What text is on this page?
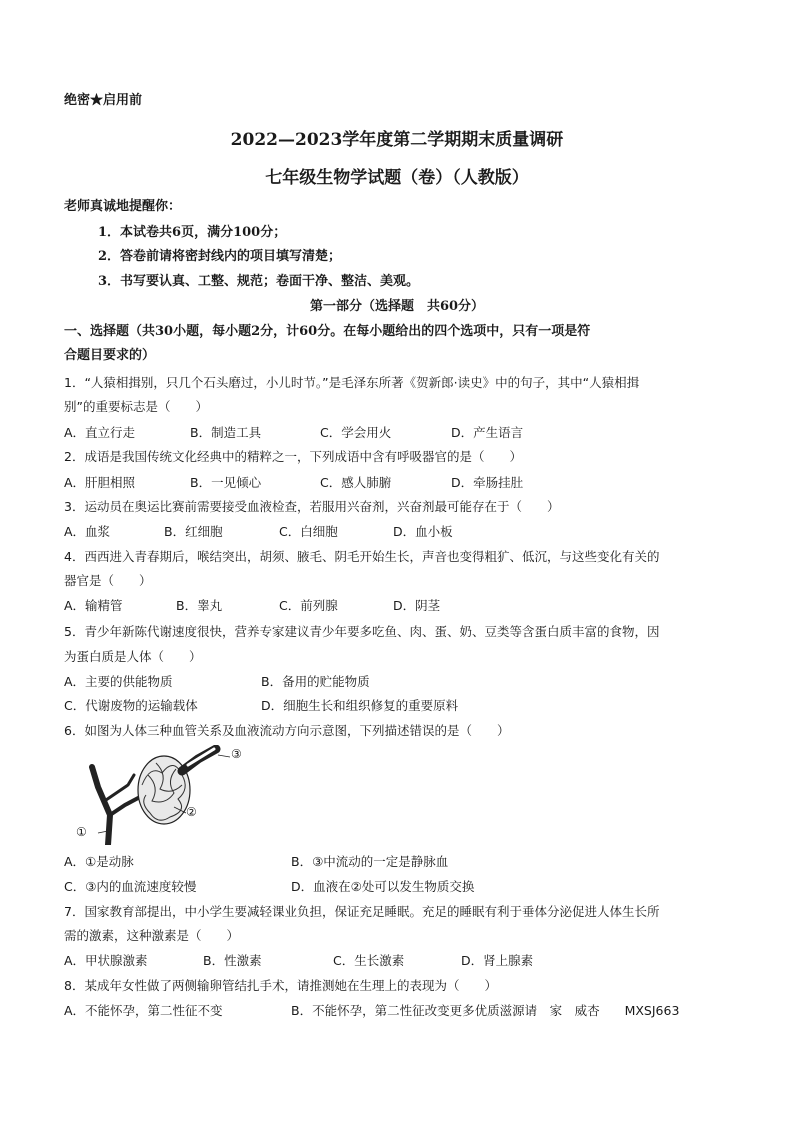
绝密★启用前
2022—2023学年度第二学期期末质量调研
七年级生物学试题（卷）（人教版）
老师真诚地提醒你：
1．本试卷共6页，满分100分；
2．答卷前请将密封线内的项目填写清楚；
3．书写要认真、工整、规范；卷面干净、整洁、美观。
第一部分（选择题　共60分）
一、选择题（共30小题，每小题2分，计60分。在每小题给出的四个选项中，只有一项是符
合题目要求的）
1．“人猿相揖别，只几个石头磨过，小儿时节。”是毛泽东所著《贺新郎·读史》中的句子，其中“人猿相揖
别”的重要标志是（　　）
A．直立行走	B．制造工具	C．学会用火	D．产生语言
2．成语是我国传统文化经典中的精粹之一，下列成语中含有呼吸器官的是（　　）
A．肝胆相照	B．一见倾心	C．感人肺腑	D．牵肠挂肚
3．运动员在奥运比赛前需要接受血液检查，若服用兴奋剂，兴奋剂最可能存在于（　　）
A．血浆	B．红细胞	C．白细胞	D．血小板
4．西西进入青春期后，喉结突出，胡须、腋毛、阴毛开始生长，声音也变得粗犷、低沉，与这些变化有关的
器官是（　　）
A．输精管	B．睾丸	C．前列腺	D．阴茎
5．青少年新陈代谢速度很快，营养专家建议青少年要多吃鱼、肉、蛋、奶、豆类等含蛋白质丰富的食物，因
为蛋白质是人体（　　）
A．主要的供能物质	B．备用的贮能物质
C．代谢废物的运输载体	D．细胞生长和组织修复的重要原料
6．如图为人体三种血管关系及血液流动方向示意图，下列描述错误的是（　　）
③
②
①
A．①是动脉	B．③中流动的一定是静脉血
C．③内的血流速度较慢	D．血液在②处可以发生物质交换
7．国家教育部提出，中小学生要减轻课业负担，保证充足睡眠。充足的睡眠有利于垂体分泌促进人体生长所
需的激素，这种激素是（　　）
A．甲状腺激素	B．性激素	C．生长激素	D．肾上腺素
8．某成年女性做了两侧输卵管结扎手术，请推测她在生理上的表现为（　　）
A．不能怀孕，第二性征不变	B．不能怀孕，第二性征改变更多优质滋源请　家　威杏　　MXSJ663
